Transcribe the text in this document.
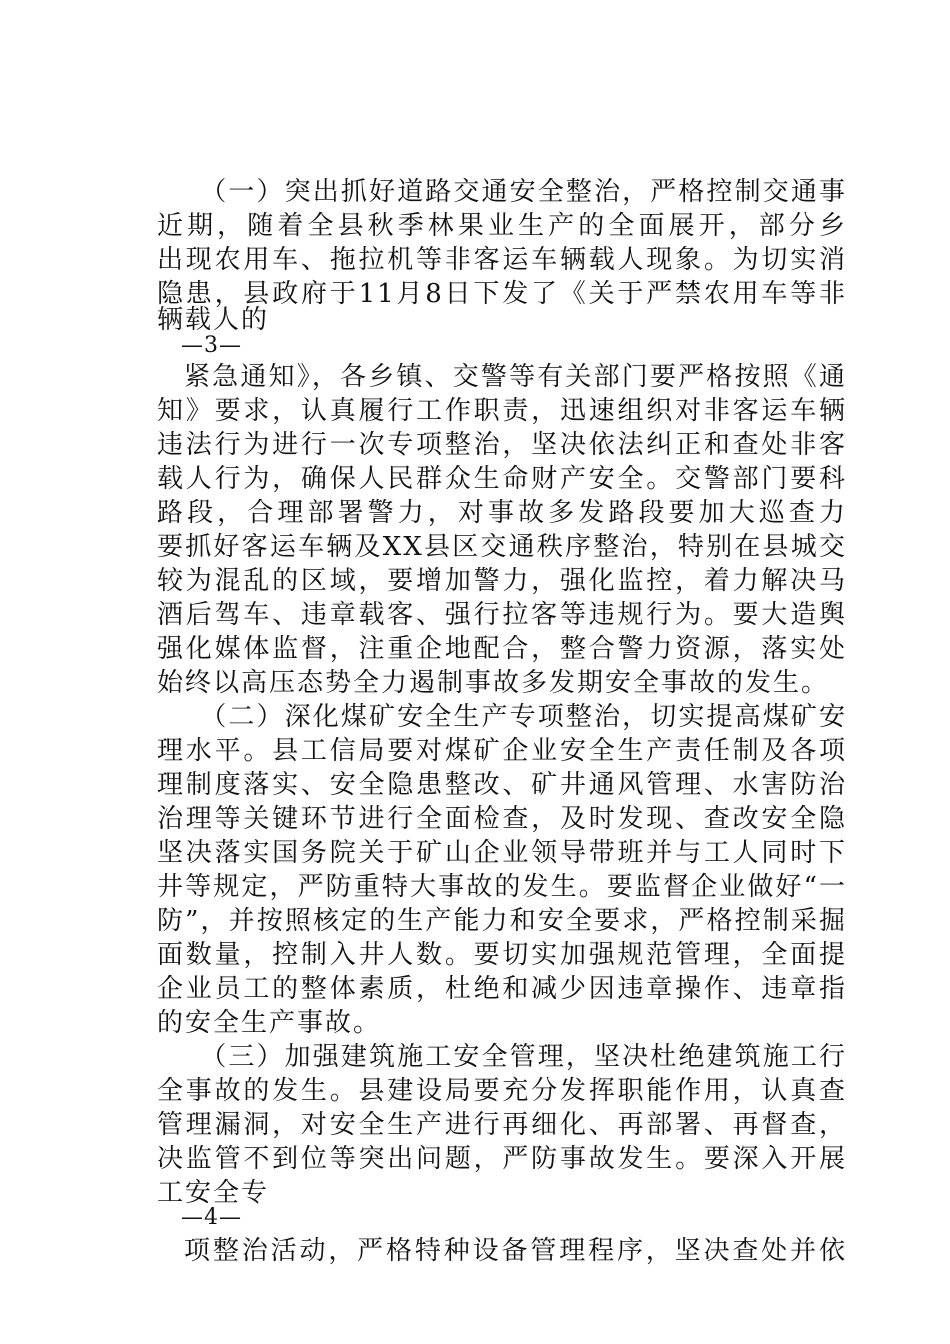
　　（一）突出抓好道路交通安全整治，严格控制交通事
近期，随着全县秋季林果业生产的全面展开，部分乡
出现农用车、拖拉机等非客运车辆载人现象。为切实消
隐患，县政府于11月8日下发了《关于严禁农用车等非
辆载人的
—3—
紧急通知》，各乡镇、交警等有关部门要严格按照《通
知》要求，认真履行工作职责，迅速组织对非客运车辆
违法行为进行一次专项整治，坚决依法纠正和查处非客
载人行为，确保人民群众生命财产安全。交警部门要科
路段，合理部署警力，对事故多发路段要加大巡查力
要抓好客运车辆及XX县区交通秩序整治，特别在县城交
较为混乱的区域，要增加警力，强化监控，着力解决马
酒后驾车、违章载客、强行拉客等违规行为。要大造舆
强化媒体监督，注重企地配合，整合警力资源，落实处
始终以高压态势全力遏制事故多发期安全事故的发生。
　　（二）深化煤矿安全生产专项整治，切实提高煤矿安
理水平。县工信局要对煤矿企业安全生产责任制及各项
理制度落实、安全隐患整改、矿井通风管理、水害防治
治理等关键环节进行全面检查，及时发现、查改安全隐
坚决落实国务院关于矿山企业领导带班并与工人同时下
井等规定，严防重特大事故的发生。要监督企业做好“一
防”，并按照核定的生产能力和安全要求，严格控制采掘
面数量，控制入井人数。要切实加强规范管理，全面提
企业员工的整体素质，杜绝和减少因违章操作、违章指
的安全生产事故。
　　（三）加强建筑施工安全管理，坚决杜绝建筑施工行
全事故的发生。县建设局要充分发挥职能作用，认真查
管理漏洞，对安全生产进行再细化、再部署、再督查，
决监管不到位等突出问题，严防事故发生。要深入开展
工安全专
—4—
项整治活动，严格特种设备管理程序，坚决查处并依
